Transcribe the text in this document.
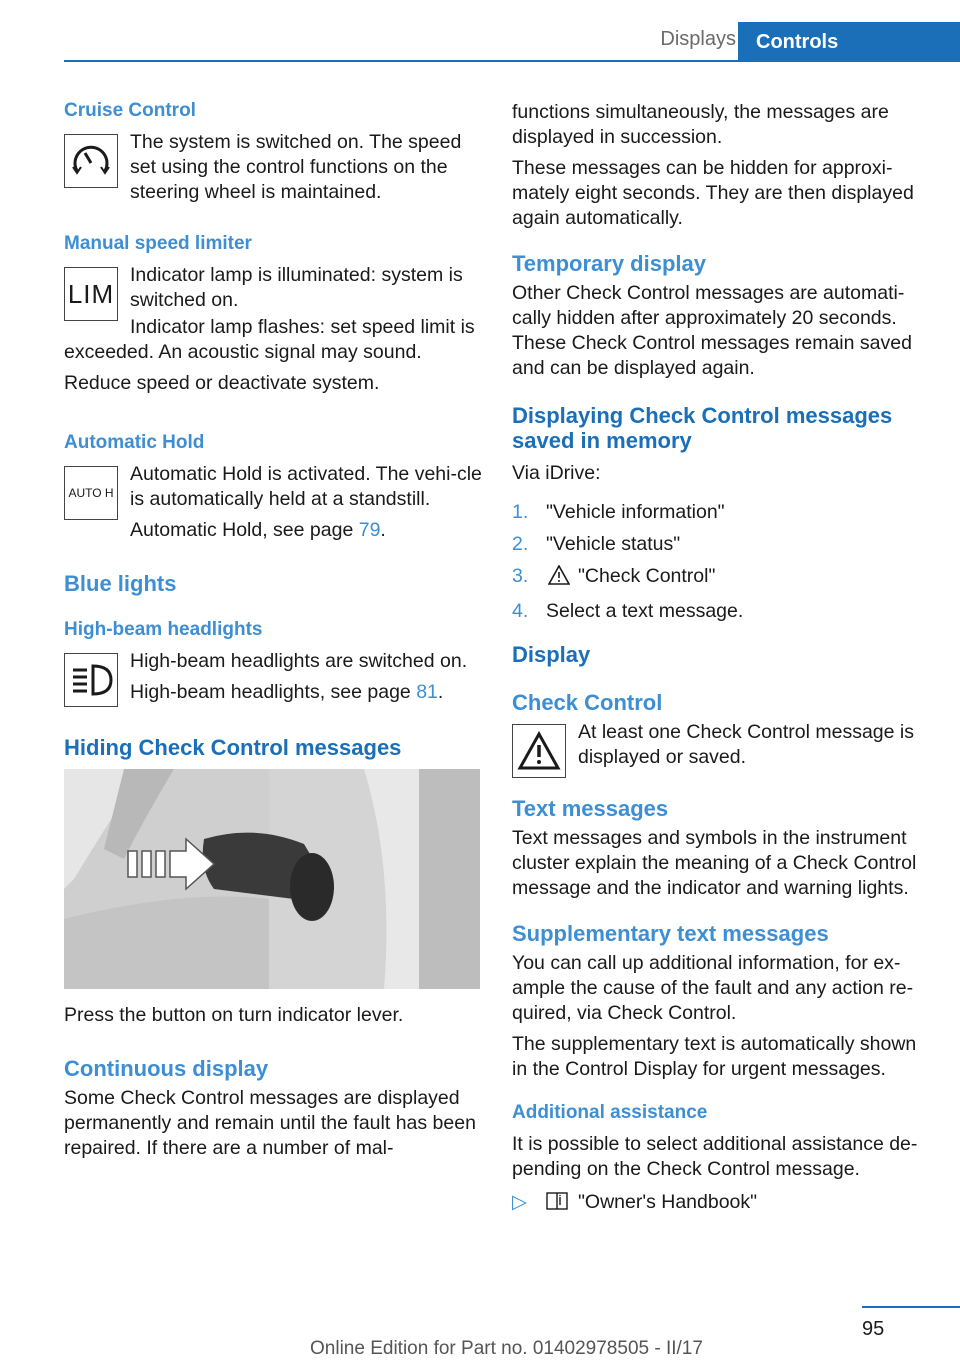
Displays	Controls
Cruise Control

The system is switched on. The speed set using the control functions on the steering wheel is maintained.

Manual speed limiter
LIM

Indicator lamp is illuminated: system is switched on.

Indicator lamp flashes: set speed limit is exceeded. An acoustic signal may sound.

Reduce speed or deactivate system.

Automatic Hold
AUTO H

Automatic Hold is activated. The vehi‐cle is automatically held at a standstill.

Automatic Hold, see page 79.

Blue lights
High-beam headlights

High-beam headlights are switched on.

High-beam headlights, see page 81.

Hiding Check Control messages

Press the button on turn indicator lever.

Continuous display

Some Check Control messages are displayed permanently and remain until the fault has been repaired. If there are a number of mal‐

functions simultaneously, the messages are displayed in succession.

These messages can be hidden for approxi‐mately eight seconds. They are then displayed again automatically.

Temporary display

Other Check Control messages are automati‐cally hidden after approximately 20 seconds. These Check Control messages remain saved and can be displayed again.

Displaying Check Control messages saved in memory

Via iDrive:

1. "Vehicle information"
2. "Vehicle status"
3.	"Check Control"
4. Select a text message.
Display
Check Control

At least one Check Control message is displayed or saved.

Text messages

Text messages and symbols in the instrument cluster explain the meaning of a Check Control message and the indicator and warning lights.

Supplementary text messages

You can call up additional information, for ex‐ample the cause of the fault and any action re‐quired, via Check Control.

The supplementary text is automatically shown in the Control Display for urgent messages.

Additional assistance

It is possible to select additional assistance de‐pending on the Check Control message.

▷	"Owner's Handbook"

95
Online Edition for Part no. 01402978505 - II/17
